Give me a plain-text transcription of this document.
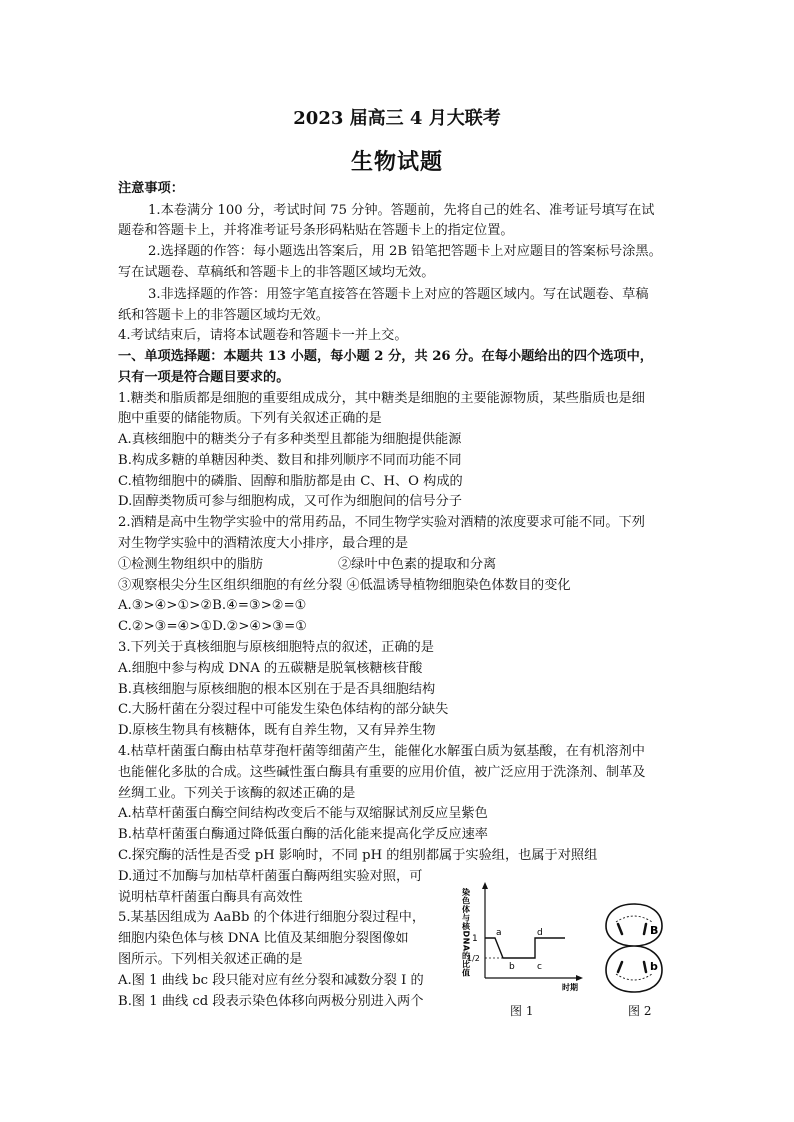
2023 届高三 4 月大联考
生物试题
注意事项：
1.本卷满分 100 分，考试时间 75 分钟。答题前，先将自己的姓名、准考证号填写在试
题卷和答题卡上，并将准考证号条形码粘贴在答题卡上的指定位置。
2.选择题的作答：每小题选出答案后，用 2B 铅笔把答题卡上对应题目的答案标号涂黑。
写在试题卷、草稿纸和答题卡上的非答题区域均无效。
3.非选择题的作答：用签字笔直接答在答题卡上对应的答题区域内。写在试题卷、草稿
纸和答题卡上的非答题区域均无效。
4.考试结束后，请将本试题卷和答题卡一并上交。
一、单项选择题：本题共 13 小题，每小题 2 分，共 26 分。在每小题给出的四个选项中，
只有一项是符合题目要求的。
1.糖类和脂质都是细胞的重要组成成分，其中糖类是细胞的主要能源物质，某些脂质也是细
胞中重要的储能物质。下列有关叙述正确的是
A.真核细胞中的糖类分子有多种类型且都能为细胞提供能源
B.构成多糖的单糖因种类、数目和排列顺序不同而功能不同
C.植物细胞中的磷脂、固醇和脂肪都是由 C、H、O 构成的
D.固醇类物质可参与细胞构成，又可作为细胞间的信号分子
2.酒精是高中生物学实验中的常用药品，不同生物学实验对酒精的浓度要求可能不同。下列
对生物学实验中的酒精浓度大小排序，最合理的是
①检测生物组织中的脂肪	②绿叶中色素的提取和分离
③观察根尖分生区组织细胞的有丝分裂 ④低温诱导植物细胞染色体数目的变化
A.③>④>①>②B.④=③>②=①
C.②>③=④>①D.②>④>③=①
3.下列关于真核细胞与原核细胞特点的叙述，正确的是
A.细胞中参与构成 DNA 的五碳糖是脱氧核糖核苷酸
B.真核细胞与原核细胞的根本区别在于是否具细胞结构
C.大肠杆菌在分裂过程中可能发生染色体结构的部分缺失
D.原核生物具有核糖体，既有自养生物，又有异养生物
4.枯草杆菌蛋白酶由枯草芽孢杆菌等细菌产生，能催化水解蛋白质为氨基酸，在有机溶剂中
也能催化多肽的合成。这些碱性蛋白酶具有重要的应用价值，被广泛应用于洗涤剂、制革及
丝绸工业。下列关于该酶的叙述正确的是
A.枯草杆菌蛋白酶空间结构改变后不能与双缩脲试剂反应呈紫色
B.枯草杆菌蛋白酶通过降低蛋白酶的活化能来提高化学反应速率
C.探究酶的活性是否受 pH 影响时，不同 pH 的组别都属于实验组，也属于对照组
D.通过不加酶与加枯草杆菌蛋白酶两组实验对照，可
说明枯草杆菌蛋白酶具有高效性
5.某基因组成为 AaBb 的个体进行细胞分裂过程中，
细胞内染色体与核 DNA 比值及某细胞分裂图像如
图所示。下列相关叙述正确的是
A.图 1 曲线 bc 段只能对应有丝分裂和减数分裂 I 的
B.图 1 曲线 cd 段表示染色体移向两极分别进入两个
染色体与核DNA的比值 1
1/2
a
b c
d
时期
图 1
B
b
图 2
